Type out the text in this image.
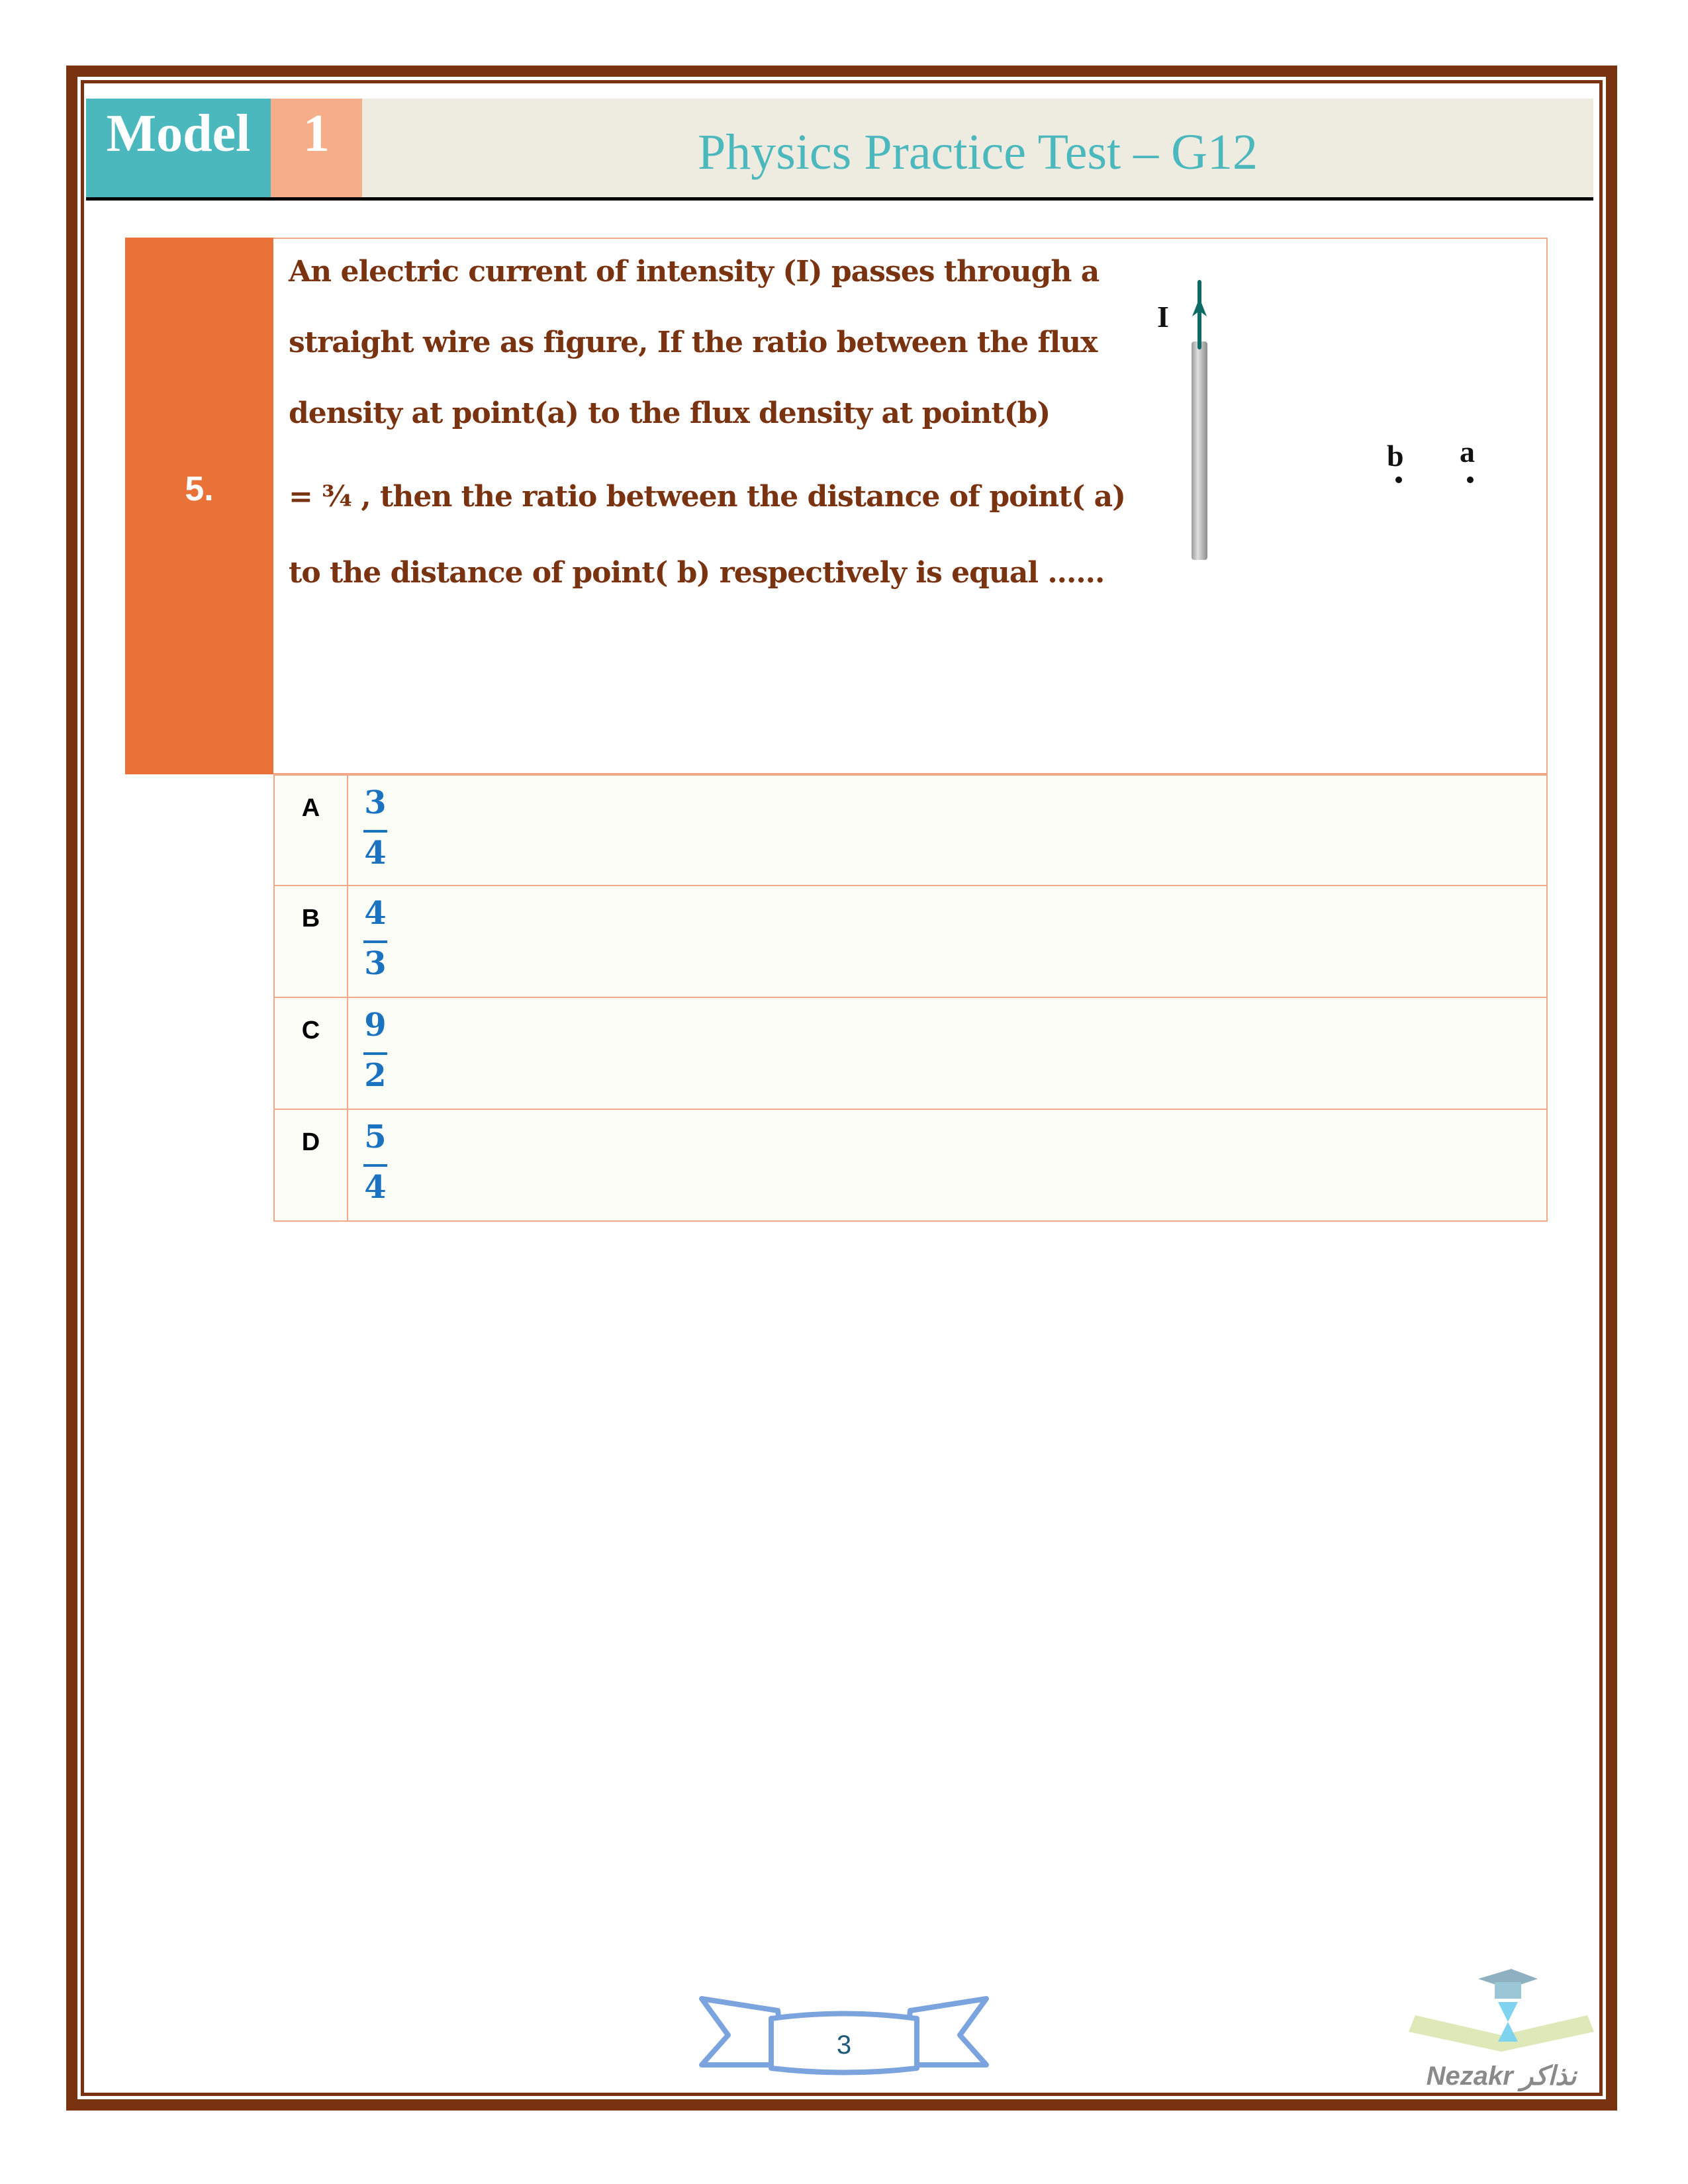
Model 1	Physics Practice Test – G12
5.
An electric current of intensity (I) passes through a
straight wire as figure, If the ratio between the flux
density at point(a) to the flux density at point(b)
= ¾ , then the ratio between the distance of point( a)
to the distance of point( b) respectively is equal ......
I
b a
A	3
4
B	4
3
C	9
2
D	5
4
3
Nezakr نذاكر
